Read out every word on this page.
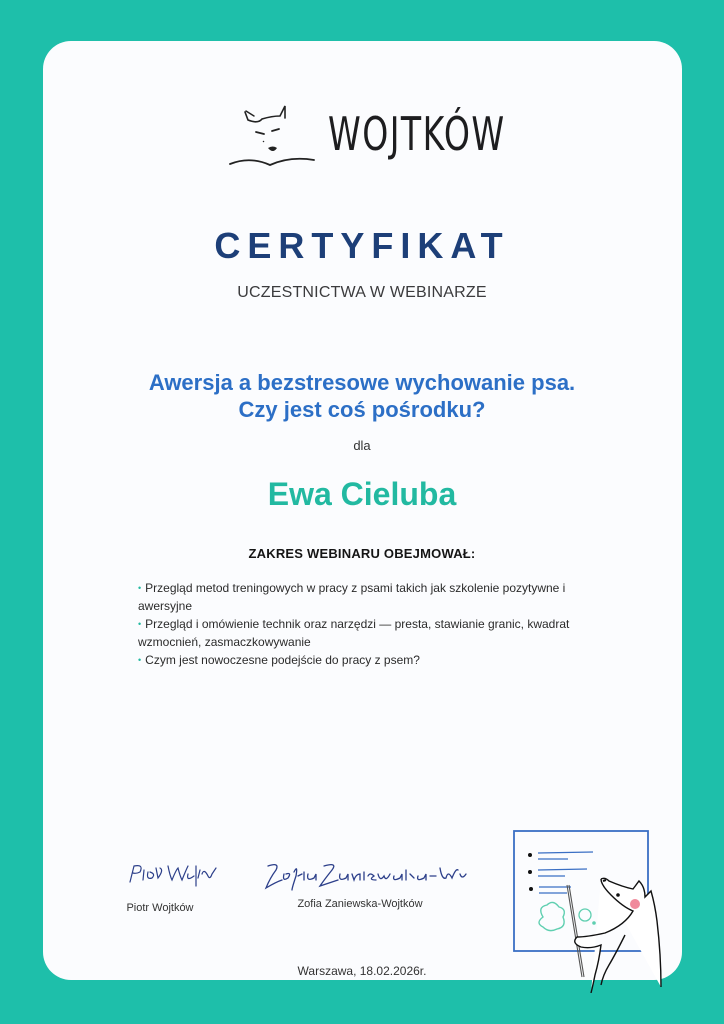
WOJTKÓW
CERTYFIKAT
UCZESTNICTWA W WEBINARZE
Awersja a bezstresowe wychowanie psa.
Czy jest coś pośrodku?
dla
Ewa Cieluba
ZAKRES WEBINARU OBEJMOWAŁ:
• Przegląd metod treningowych w pracy z psami takich jak szkolenie pozytywne i
awersyjne
• Przegląd i omówienie technik oraz narzędzi — presta, stawianie granic, kwadrat
wzmocnień, zasmaczkowywanie
• Czym jest nowoczesne podejście do pracy z psem?
Piotr Wojtków	Zofia Zaniewska-Wojtków
Warszawa, 18.02.2026r.
